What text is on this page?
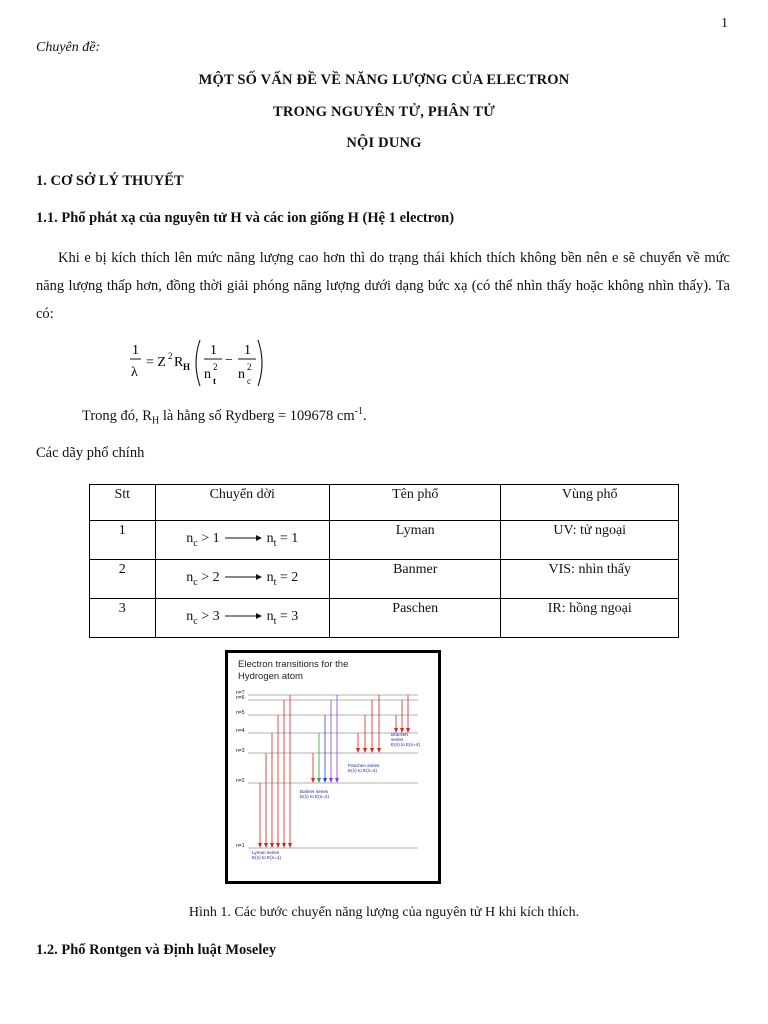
1
Chuyên đề:
MỘT SỐ VẤN ĐỀ VỀ NĂNG LƯỢNG CỦA ELECTRON
TRONG NGUYÊN TỬ, PHÂN TỬ
NỘI DUNG
1. CƠ SỞ LÝ THUYẾT
1.1. Phổ phát xạ của nguyên tử H và các ion giống H (Hệ 1 electron)
Khi e bị kích thích lên mức năng lượng cao hơn thì do trạng thái khích thích không bền nên e sẽ chuyển về mức năng lượng thấp hơn, đồng thời giải phóng năng lượng dưới dạng bức xạ (có thể nhìn thấy hoặc không nhìn thấy). Ta có:
1
λ
= Z 2 R H
1
n 2
t
−
1
n 2
c
Trong đó, $R_H$ là hằng số Rydberg = 109678 $cm^{-1}$.
Các dãy phổ chính
Stt	Chuyển dời	Tên phổ	Vùng phổ
1	$n_c > 1$ $n_t = 1$	Lyman	UV: tử ngoại
2	$n_c > 2$ $n_t = 2$	Banmer	VIS: nhìn thấy
3	$n_c > 3$ $n_t = 3$	Paschen	IR: hồng ngoại
Electron transitions for the
Hydrogen atom
n=7
n=6
n=5
n=4
n=3
n=2
n=1
Balmer series
E(n) to E(n=2)
Paschen series
E(n) to E(n=3)
Brackett
series
E(n) to E(n=4)
Lyman series
E(n) to E(n=1)
Hình 1. Các bước chuyển năng lượng của nguyên tử H khi kích thích.
1.2. Phổ Rontgen và Định luật Moseley
